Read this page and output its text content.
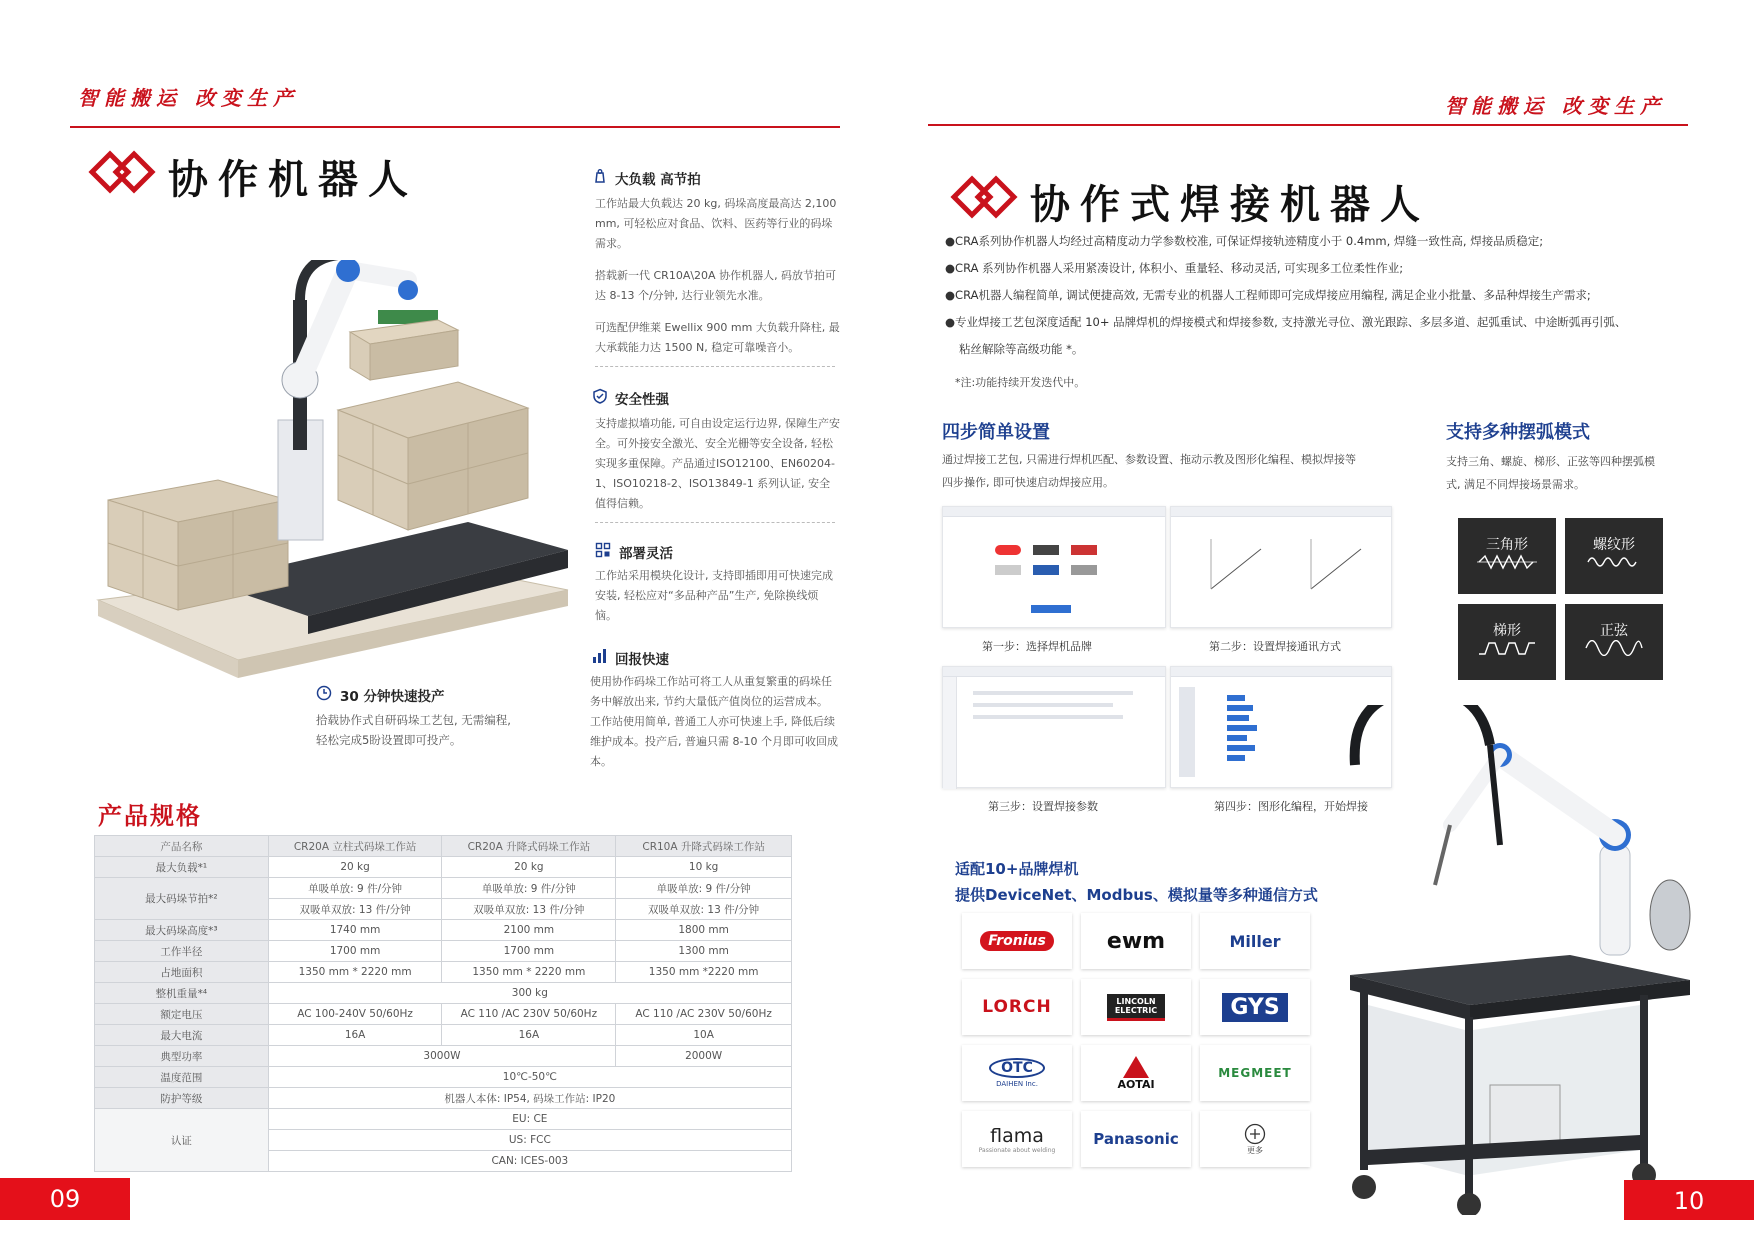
智能搬运 改变生产
协作机器人
30 分钟快速投产
拾载协作式自研码垛工艺包, 无需编程,
轻松完成5盼设置即可投产。
大负载 高节拍

工作站最大负载达 20 kg, 码垛高度最高达 2,100 mm, 可轻松应对食品、饮料、医药等行业的码垛需求。

搭载新一代 CR10A\20A 协作机器人, 码放节拍可达 8-13 个/分钟, 达行业领先水准。

可选配伊维莱 Ewellix 900 mm 大负载升降柱, 最大承载能力达 1500 N, 稳定可靠噪音小。

安全性强

支持虚拟墙功能, 可自由设定运行边界, 保障生产安全。可外接安全激光、安全光栅等安全设备, 轻松实现多重保障。产品通过ISO12100、EN60204-1、ISO10218-2、ISO13849-1 系列认证, 安全值得信赖。

部署灵活

工作站采用模块化设计, 支持即插即用可快速完成安装, 轻松应对“多品种产品”生产, 免除换线烦恼。

回报快速

使用协作码垛工作站可将工人从重复繁重的码垛任务中解放出来, 节约大量低产值岗位的运营成本。工作站使用简单, 普通工人亦可快速上手, 降低后续维护成本。投产后, 普遍只需 8-10 个月即可收回成本。

产品规格
产品名称	CR20A 立柱式码垛工作站	CR20A 升降式码垛工作站	CR10A 升降式码垛工作站
最大负载*¹	20 kg	20 kg	10 kg
最大码垛节拍*²	单吸单放: 9 件/分钟	单吸单放: 9 件/分钟	单吸单放: 9 件/分钟
	双吸单双放: 13 件/分钟	双吸单双放: 13 件/分钟	双吸单双放: 13 件/分钟
最大码垛高度*³	1740 mm	2100 mm	1800 mm
工作半径	1700 mm	1700 mm	1300 mm
占地面积	1350 mm * 2220 mm	1350 mm * 2220 mm	1350 mm *2220 mm
整机重量*⁴	300 kg		
额定电压	AC 100-240V 50/60Hz	AC 110 /AC 230V 50/60Hz	AC 110 /AC 230V 50/60Hz
最大电流	16A	16A	10A
典型功率	3000W		2000W
温度范围	10℃-50℃		
防护等级	机器人本体: IP54, 码垛工作站: IP20		
认证	EU: CE		
	US: FCC		
	CAN: ICES-003		
09
智能搬运 改变生产
协作式焊接机器人
●CRA系列协作机器人均经过高精度动力学参数校准, 可保证焊接轨迹精度小于 0.4mm, 焊缝一致性高, 焊接品质稳定;
●CRA 系列协作机器人采用紧凑设计, 体积小、重量轻、移动灵活, 可实现多工位柔性作业;
●CRA机器人编程简单, 调试便捷高效, 无需专业的机器人工程师即可完成焊接应用编程, 满足企业小批量、多品种焊接生产需求;
●专业焊接工艺包深度适配 10+ 品牌焊机的焊接模式和焊接参数, 支持激光寻位、激光跟踪、多层多道、起弧重试、中途断弧再引弧、
粘丝解除等高级功能 *。
*注:功能持续开发迭代中。
四步简单设置
通过焊接工艺包, 只需进行焊机匹配、参数设置、拖动示教及图形化编程、模拟焊接等
四步操作, 即可快速启动焊接应用。
第一步：选择焊机品牌	第二步：设置焊接通讯方式
第三步：设置焊接参数	第四步：图形化编程，开始焊接
支持多种摆弧模式
支持三角、螺旋、梯形、正弦等四种摆弧模
式, 满足不同焊接场景需求。
三角形	螺纹形
梯形	正弦
适配10+品牌焊机
提供DeviceNet、Modbus、模拟量等多种通信方式
Fronius	ewm	Miller
LORCH	LINCOLN ELECTRIC	GYS
OTC
DAIHEN Inc.	AOTAI
MEGMEET
flama
Passionate about welding
Panasonic
更多
10
